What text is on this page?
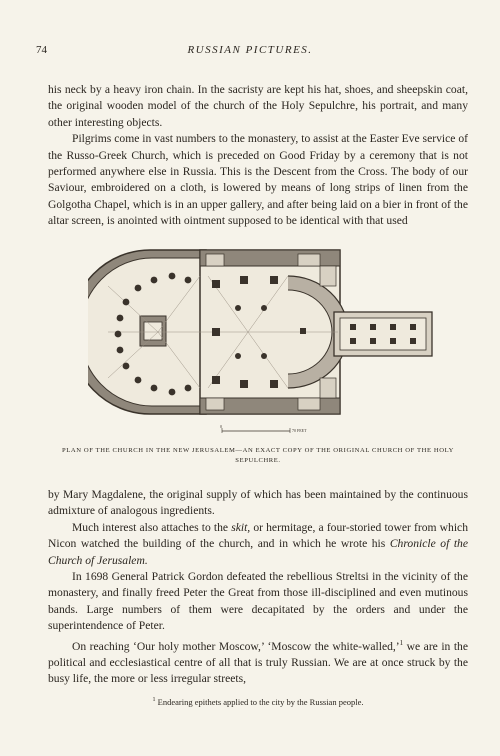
74	RUSSIAN PICTURES.

his neck by a heavy iron chain. In the sacristy are kept his hat, shoes, and sheepskin coat, the original wooden model of the church of the Holy Sepulchre, his portrait, and many other interesting objects.

Pilgrims come in vast numbers to the monastery, to assist at the Easter Eve service of the Russo-Greek Church, which is preceded on Good Friday by a ceremony that is not performed anywhere else in Russia. This is the Descent from the Cross. The body of our Saviour, embroidered on a cloth, is lowered by means of long strips of linen from the Golgotha Chapel, which is in an upper gallery, and after being laid on a bier in front of the altar screen, is anointed with ointment supposed to be identical with that used

0
70 FEET
PLAN OF THE CHURCH IN THE NEW JERUSALEM—AN EXACT COPY OF THE ORIGINAL CHURCH OF THE HOLY SEPULCHRE.

by Mary Magdalene, the original supply of which has been maintained by the continuous admixture of analogous ingredients.

Much interest also attaches to the skit, or hermitage, a four-storied tower from which Nicon watched the building of the church, and in which he wrote his Chronicle of the Church of Jerusalem.

In 1698 General Patrick Gordon defeated the rebellious Streltsi in the vicinity of the monastery, and finally freed Peter the Great from those ill-disciplined and even mutinous bands. Large numbers of them were decapitated by the orders and under the superintendence of Peter.

On reaching ‘Our holy mother Moscow,’ ‘Moscow the white-walled,’$^1$ we are in the political and ecclesiastical centre of all that is truly Russian. We are at once struck by the busy life, the more or less irregular streets,

$^1$ Endearing epithets applied to the city by the Russian people.
